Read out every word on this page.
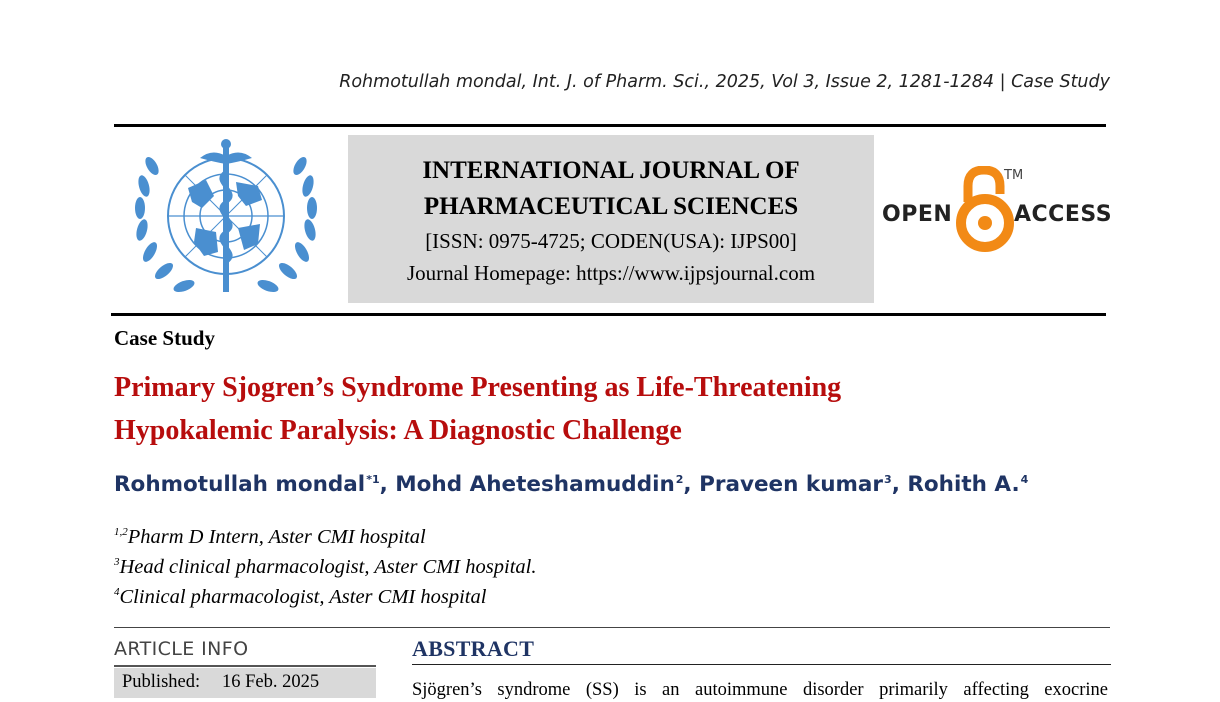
Rohmotullah mondal, Int. J. of Pharm. Sci., 2025, Vol 3, Issue 2, 1281-1284 | Case Study
INTERNATIONAL JOURNAL OF
PHARMACEUTICAL SCIENCES
[ISSN: 0975-4725; CODEN(USA): IJPS00]
Journal Homepage: https://www.ijpsjournal.com
OPEN
TM
ACCESS
Case Study
Primary Sjogren’s Syndrome Presenting as Life-Threatening
Hypokalemic Paralysis: A Diagnostic Challenge
Rohmotullah mondal$^{*1}$, Mohd Aheteshamuddin$^2$, Praveen kumar$^3$, Rohith A.$^4$
$^{1,2}$Pharm D Intern, Aster CMI hospital
$^3$Head clinical pharmacologist, Aster CMI hospital.
$^4$Clinical pharmacologist, Aster CMI hospital
ARTICLE INFO
Published: 16 Feb. 2025
ABSTRACT
Sjögren’s syndrome (SS) is an autoimmune disorder primarily affecting exocrine
